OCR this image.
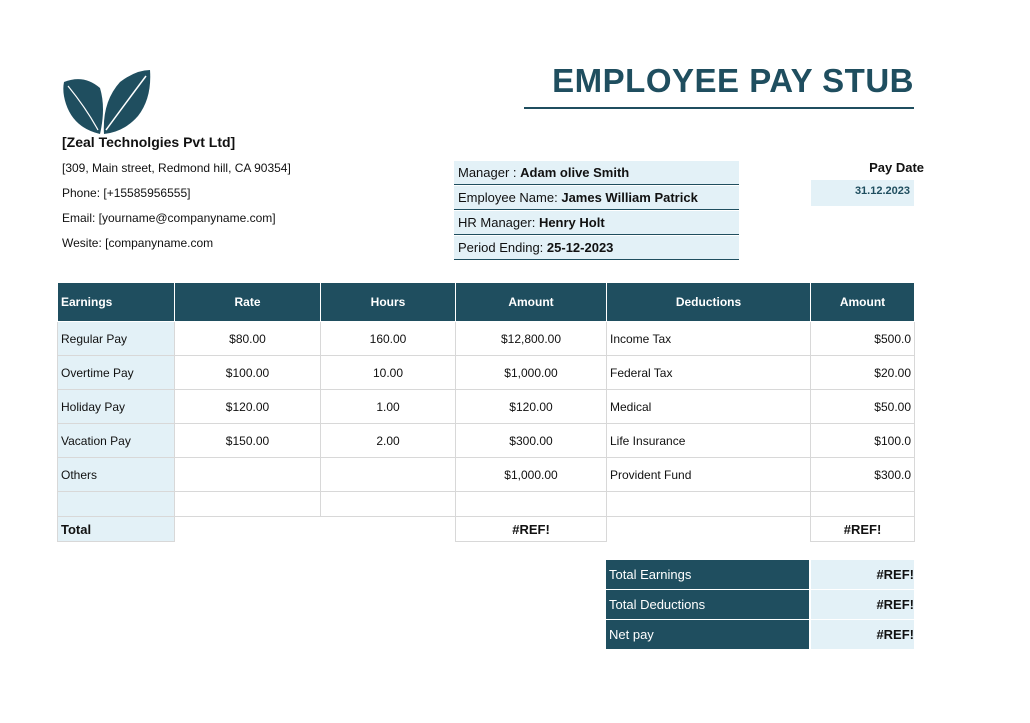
EMPLOYEE PAY STUB
[Zeal Technolgies Pvt Ltd]
[309, Main street, Redmond hill, CA 90354]
Phone: [+15585956555]
Email: [yourname@companyname.com]
Wesite: [companyname.com
Manager : Adam olive Smith
Employee Name: James William Patrick
HR Manager: Henry Holt
Period Ending: 25-12-2023
Pay Date
31.12.2023
Earnings	Rate	Hours	Amount	Deductions	Amount
Regular Pay	$80.00	160.00	$12,800.00	Income Tax	$500.0
Overtime Pay	$100.00	10.00	$1,000.00	Federal Tax	$20.00
Holiday Pay	$120.00	1.00	$120.00	Medical	$50.00
Vacation Pay	$150.00	2.00	$300.00	Life Insurance	$100.0
Others			$1,000.00	Provident Fund	$300.0

Total			#REF!		#REF!
Total Earnings	#REF!
Total Deductions	#REF!
Net pay	#REF!
